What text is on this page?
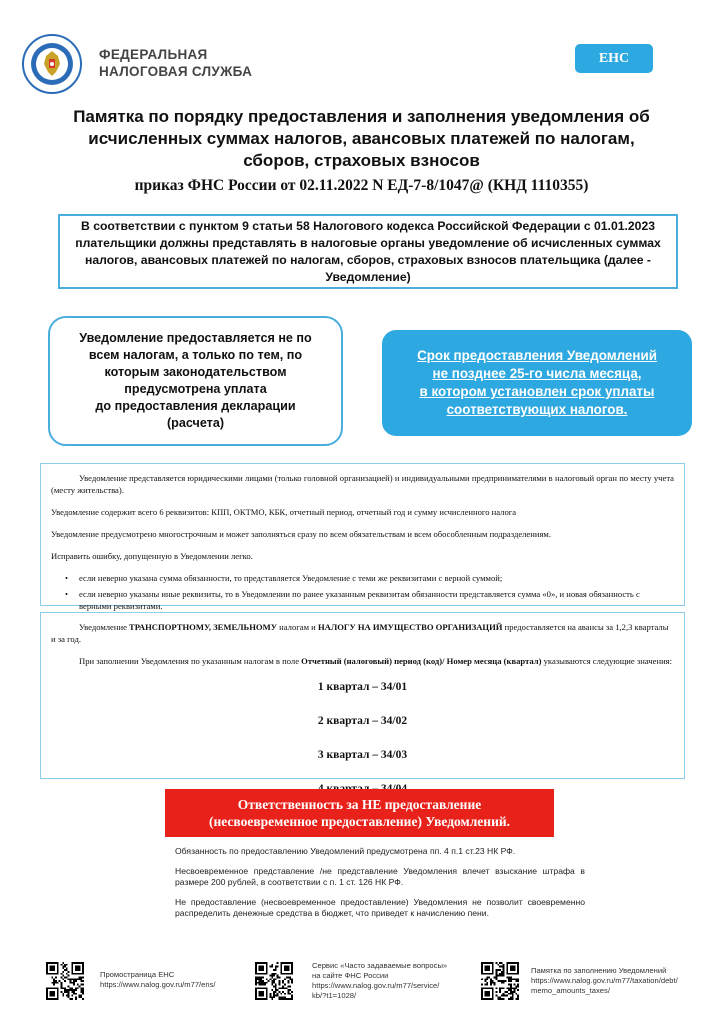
ФЕДЕРАЛЬНАЯ
НАЛОГОВАЯ СЛУЖБА
ЕНС
Памятка по порядку предоставления и заполнения уведомления об
исчисленных суммах налогов, авансовых платежей по налогам,
сборов, страховых взносов
приказ ФНС России от 02.11.2022 N ЕД-7-8/1047@ (КНД 1110355)
В соответствии с пунктом 9 статьи 58 Налогового кодекса Российской Федерации с 01.01.2023 плательщики должны представлять в налоговые органы уведомление об исчисленных суммах налогов, авансовых платежей по налогам, сборов, страховых взносов плательщика (далее - Уведомление)
Уведомление предоставляется не по
всем налогам, а только по тем, по
которым законодательством
предусмотрена уплата
до предоставления декларации
(расчета)
Срок предоставления Уведомлений
не позднее 25-го числа месяца,
в котором установлен срок уплаты
соответствующих налогов.

Уведомление представляется юридическими лицами (только головной организацией) и индивидуальными предпринимателями в налоговый орган по месту учета (месту жительства).

Уведомление содержит всего 6 реквизитов: КПП, ОКТМО, КБК, отчетный период, отчетный год и сумму исчисленного налога

Уведомление предусмотрено многострочным и может заполняться сразу по всем обязательствам и всем обособленным подразделениям.

Исправить ошибку, допущенную в Уведомлении легко.

• если неверно указана сумма обязанности, то представляется Уведомление с теми же реквизитами с верной суммой;

• если неверно указаны иные реквизиты, то в Уведомлении по ранее указанным реквизитам обязанности представляется сумма «0», и новая обязанность с верными реквизитами.

Уведомление ТРАНСПОРТНОМУ, ЗЕМЕЛЬНОМУ налогам и НАЛОГУ НА ИМУЩЕСТВО ОРГАНИЗАЦИЙ предоставляется на авансы за 1,2,3 кварталы и за год.

При заполнении Уведомления по указанным налогам в поле Отчетный (налоговый) период (код)/ Номер месяца (квартал) указываются следующие значения:

1 квартал – 34/01

2 квартал – 34/02

3 квартал – 34/03

Ответственность за НЕ предоставление
(несвоевременное предоставление) Уведомлений.

Обязанность по предоставлению Уведомлений предусмотрена пп. 4 п.1 ст.23 НК РФ.

Несвоевременное представление /не представление Уведомления влечет взыскание штрафа в размере 200 рублей, в соответствии с п. 1 ст. 126 НК РФ.

Не предоставление (несвоевременное предоставление) Уведомления не позволит своевременно распределить денежные средства в бюджет, что приведет к начислению пени.

Промостраница ЕНС
https://www.nalog.gov.ru/m77/ens/
Сервис «Часто задаваемые вопросы»
на сайте ФНС России
https://www.nalog.gov.ru/m77/service/
kb/?t1=1028/
Памятка по заполнению Уведомлений
https://www.nalog.gov.ru/m77/taxation/debt/
memo_amounts_taxes/
